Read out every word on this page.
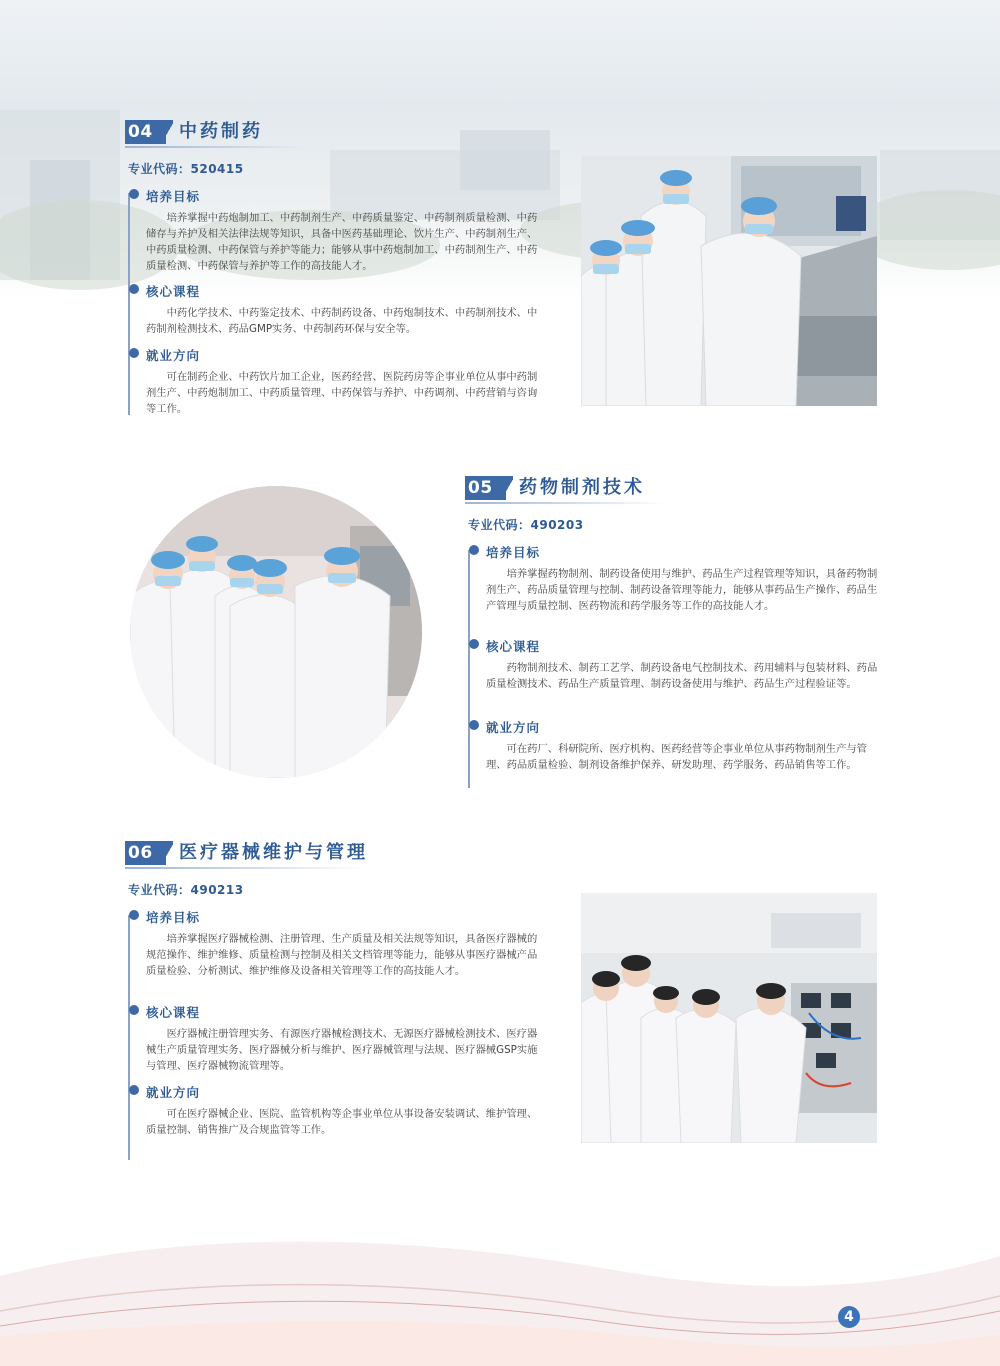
04	中药制药
专业代码：520415
培养目标
培养掌握中药炮制加工、中药制剂生产、中药质量鉴定、中药制剂质量检测、中药储存与养护及相关法律法规等知识，具备中医药基础理论、饮片生产、中药制剂生产、中药质量检测、中药保管与养护等能力；能够从事中药炮制加工、中药制剂生产、中药质量检测、中药保管与养护等工作的高技能人才。
核心课程
中药化学技术、中药鉴定技术、中药制药设备、中药炮制技术、中药制剂技术、中药制剂检测技术、药品GMP实务、中药制药环保与安全等。
就业方向
可在制药企业、中药饮片加工企业，医药经营、医院药房等企事业单位从事中药制剂生产、中药炮制加工、中药质量管理、中药保管与养护、中药调剂、中药营销与咨询等工作。
05	药物制剂技术
专业代码：490203
培养目标
培养掌握药物制剂、制药设备使用与维护、药品生产过程管理等知识，具备药物制剂生产、药品质量管理与控制、制药设备管理等能力，能够从事药品生产操作、药品生产管理与质量控制、医药物流和药学服务等工作的高技能人才。
核心课程
药物制剂技术、制药工艺学、制药设备电气控制技术、药用辅料与包装材料、药品质量检测技术、药品生产质量管理、制药设备使用与维护、药品生产过程验证等。
就业方向
可在药厂、科研院所、医疗机构、医药经营等企事业单位从事药物制剂生产与管理、药品质量检验、制剂设备维护保养、研发助理、药学服务、药品销售等工作。
06	医疗器械维护与管理
专业代码：490213
培养目标
培养掌握医疗器械检测、注册管理、生产质量及相关法规等知识，具备医疗器械的规范操作、维护维修、质量检测与控制及相关文档管理等能力，能够从事医疗器械产品质量检验、分析测试、维护维修及设备相关管理等工作的高技能人才。
核心课程
医疗器械注册管理实务、有源医疗器械检测技术、无源医疗器械检测技术、医疗器械生产质量管理实务、医疗器械分析与维护、医疗器械管理与法规、医疗器械GSP实施与管理、医疗器械物流管理等。
就业方向
可在医疗器械企业、医院、监管机构等企事业单位从事设备安装调试、维护管理、质量控制、销售推广及合规监管等工作。
4
